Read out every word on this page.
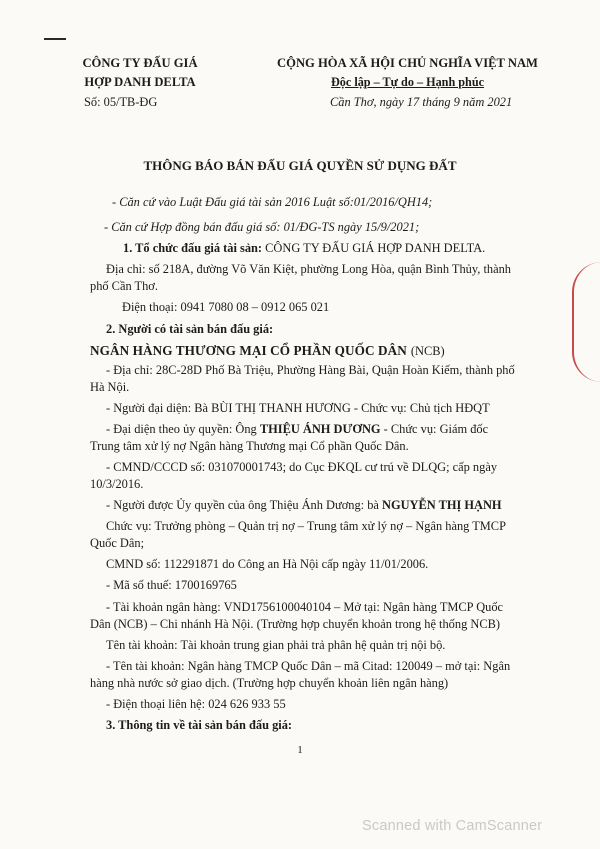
CÔNG TY ĐẤU GIÁ
HỢP DANH DELTA
Số: 05/TB-ĐG
CỘNG HÒA XÃ HỘI CHỦ NGHĨA VIỆT NAM
Độc lập – Tự do – Hạnh phúc
Cần Thơ, ngày 17 tháng 9 năm 2021
THÔNG BÁO BÁN ĐẤU GIÁ QUYỀN SỬ DỤNG ĐẤT
- Căn cứ vào Luật Đấu giá tài sản 2016 Luật số:01/2016/QH14;
- Căn cứ Hợp đồng bán đấu giá số: 01/ĐG-TS ngày 15/9/2021;
1. Tổ chức đấu giá tài sản: CÔNG TY ĐẤU GIÁ HỢP DANH DELTA.
Địa chỉ: số 218A, đường Võ Văn Kiệt, phường Long Hòa, quận Bình Thủy, thành
phố Cần Thơ.
Điện thoại: 0941 7080 08 – 0912 065 021
2. Người có tài sản bán đấu giá:
NGÂN HÀNG THƯƠNG MẠI CỔ PHẦN QUỐC DÂN (NCB)
- Địa chỉ: 28C-28D Phố Bà Triệu, Phường Hàng Bài, Quận Hoàn Kiếm, thành phố
Hà Nội.
- Người đại diện: Bà BÙI THỊ THANH HƯƠNG - Chức vụ: Chủ tịch HĐQT
- Đại diện theo ủy quyền: Ông THIỆU ÁNH DƯƠNG - Chức vụ: Giám đốc
Trung tâm xử lý nợ Ngân hàng Thương mại Cổ phần Quốc Dân.
- CMND/CCCD số: 031070001743; do Cục ĐKQL cư trú về DLQG; cấp ngày
10/3/2016.
- Người được Ủy quyền của ông Thiệu Ánh Dương: bà NGUYỄN THỊ HẠNH
Chức vụ: Trưởng phòng – Quản trị nợ – Trung tâm xử lý nợ – Ngân hàng TMCP
Quốc Dân;
CMND số: 112291871 do Công an Hà Nội cấp ngày 11/01/2006.
- Mã số thuế: 1700169765
- Tài khoản ngân hàng: VND1756100040104 – Mở tại: Ngân hàng TMCP Quốc
Dân (NCB) – Chi nhánh Hà Nội. (Trường hợp chuyển khoản trong hệ thống NCB)
Tên tài khoản: Tài khoản trung gian phải trả phân hệ quản trị nội bộ.
- Tên tài khoản: Ngân hàng TMCP Quốc Dân – mã Citad: 120049 – mở tại: Ngân
hàng nhà nước sở giao dịch. (Trường hợp chuyển khoản liên ngân hàng)
- Điện thoại liên hệ: 024 626 933 55
3. Thông tin về tài sản bán đấu giá:
1
Scanned with CamScanner
